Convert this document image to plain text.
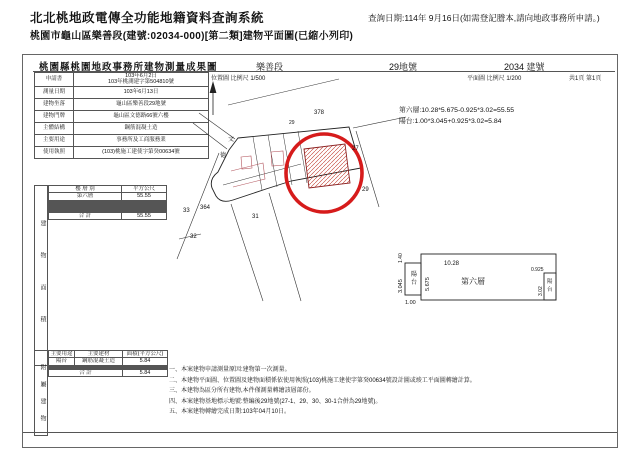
北北桃地政電傳全功能地籍資料查詢系統	查詢日期:114年 9月16日(如需登記謄本,請向地政事務所申請。)
桃園市龜山區樂善段(建號:02034-000)[第二類]建物平面圖(已縮小列印)
桃園縣桃園地政事務所建物測量成果圖	樂善段	29地號	2034 建號
申請書	103年6月2日
103年桃測建字第504810號

測量日期	103年6月13日
建物坐落	龜山區樂善段29地號
建物門牌	龜山區文德路66號六樓
主體結構	鋼筋混凝土造
主要用途	事務所及工商服務業
使用執照	(103)桃施工建使字第癸00634號
建物面積
附屬建物
樓 層 別	平方公尺
第六層	55.55

合 計	55.55
主要用途	主要建材	面積(平方公尺)
陽台	鋼筋混凝土造	5.84

合 計		5.84
位置圖 比例尺 1/500	平面圖 比例尺 1/200	共1頁 第1頁
378
29
27
29
31
32
33 364
文
德
10.28
第六層
5.675
3.045
1.40
1.00
陽
台
0.925
3.02
陽
台
第六層:10.28*5.675-0.925*3.02=55.55
陽台:1.00*3.045+0.925*3.02=5.84
一、本案建物申請測量原因:建物第一次測量。
二、本建物平面圖、位置圖及建物面積係依使用執照(103)桃施工建使字第癸00634號設計圖或竣工平面圖轉繪計算。
三、本建物為區分所有建物,本件僅測量轉繪該層部份。
四、本案建物基地標示地號:整編後29地號(27-1、29、30、30-1合併為29地號)。
五、本案建物轉繪完成日期:103年04月10日。
